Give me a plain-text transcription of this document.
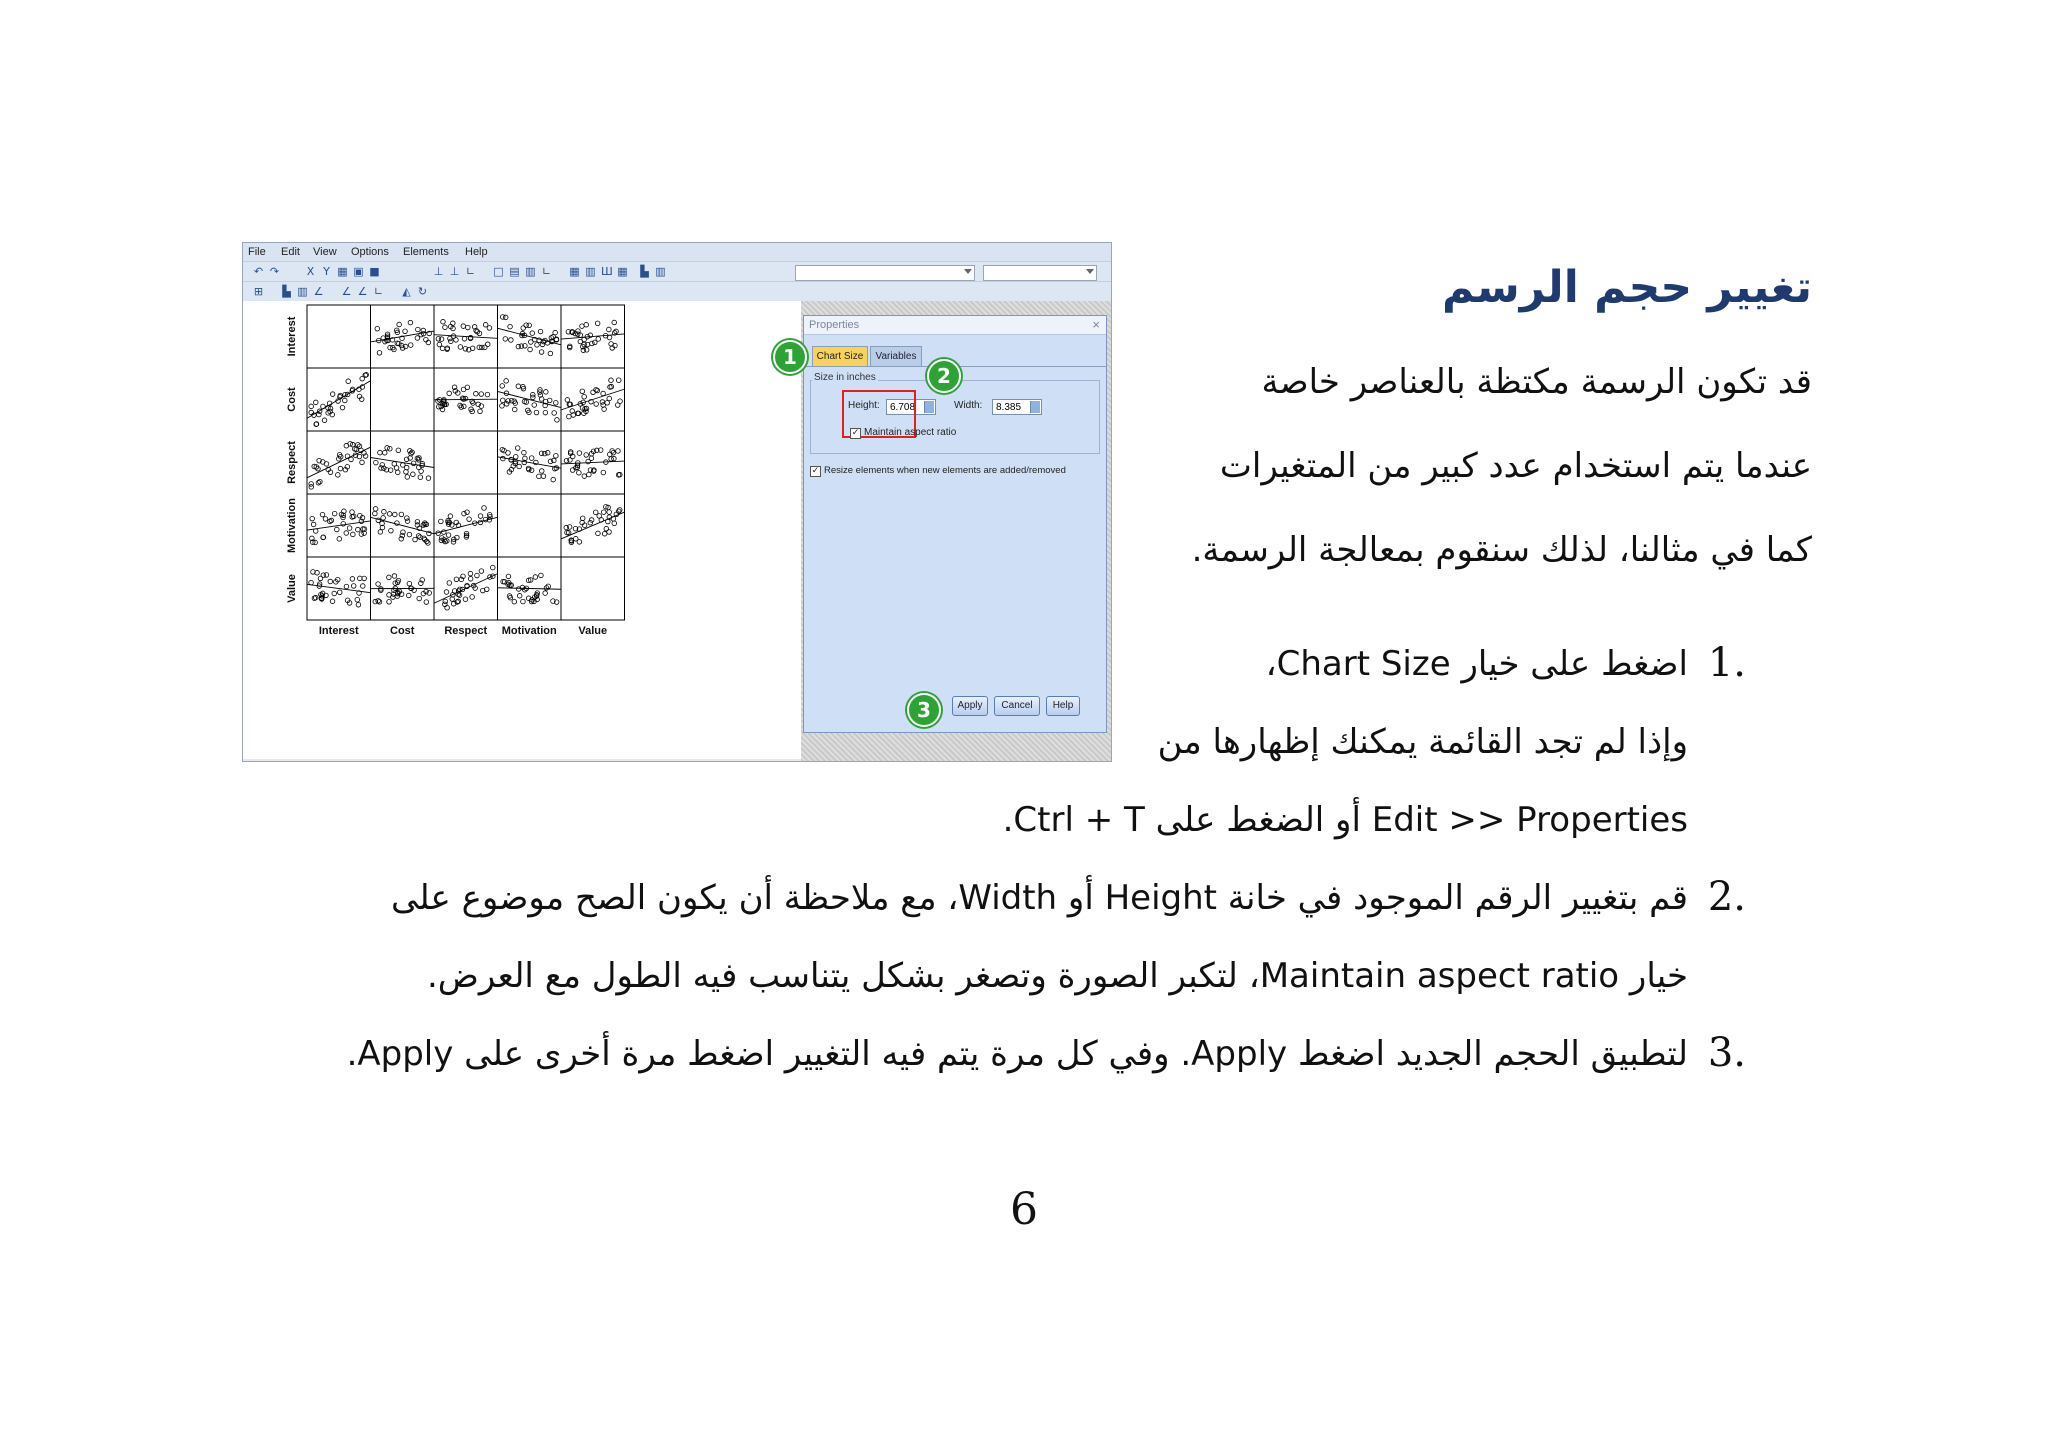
File Edit View Options Elements Help
↶ ↷	X Y ▦ ▣ ■	⊥ ⊥ ∟ □ ▤ ▥ ∟ ▦ ▥ Ш ▦ ▙ ▥
⊞ ▙ ▥ ∠ ∠ ∠ ∟ ◭ ↻
Interest
Interest
Cost
Cost
Respect
Respect
Motivation
Motivation
Value
Value
Properties	×
Chart Size	Variables
Size in inches
Height:	6.708	Width:	8.385
✓ Maintain aspect ratio
✓ Resize elements when new elements are added/removed
Apply	Cancel	Help
1
2
3
تغيير حجم الرسم
قد تكون الرسمة مكتظة بالعناصر خاصة
عندما يتم استخدام عدد كبير من المتغيرات
كما في مثالنا، لذلك سنقوم بمعالجة الرسمة.
1.
اضغط على خيار Chart Size،
وإذا لم تجد القائمة يمكنك إظهارها من
Edit >> Properties أو الضغط على Ctrl + T.
2.
قم بتغيير الرقم الموجود في خانة Height أو Width، مع ملاحظة أن يكون الصح موضوع على
خيار Maintain aspect ratio، لتكبر الصورة وتصغر بشكل يتناسب فيه الطول مع العرض.
3.
لتطبيق الحجم الجديد اضغط Apply. وفي كل مرة يتم فيه التغيير اضغط مرة أخرى على Apply.
6
